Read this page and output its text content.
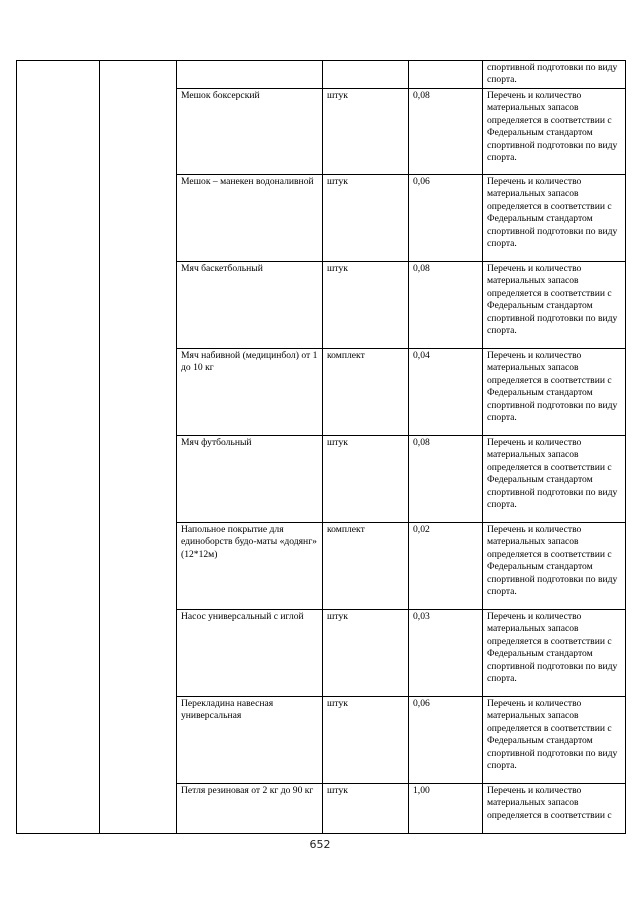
					спортивной подготовки по виду спорта.
		Мешок боксерский	штук	0,08	Перечень и количество материальных запасов определяется в соответствии с Федеральным стандартом спортивной подготовки по виду спорта.
		Мешок – манекен водоналивной	штук	0,06	Перечень и количество материальных запасов определяется в соответствии с Федеральным стандартом спортивной подготовки по виду спорта.
		Мяч баскетбольный	штук	0,08	Перечень и количество материальных запасов определяется в соответствии с Федеральным стандартом спортивной подготовки по виду спорта.
		Мяч набивной (медицинбол) от 1 до 10 кг	комплект	0,04	Перечень и количество материальных запасов определяется в соответствии с Федеральным стандартом спортивной подготовки по виду спорта.
		Мяч футбольный	штук	0,08	Перечень и количество материальных запасов определяется в соответствии с Федеральным стандартом спортивной подготовки по виду спорта.
		Напольное покрытие для единоборств будо-маты «додянг» (12*12м)	комплект	0,02	Перечень и количество материальных запасов определяется в соответствии с Федеральным стандартом спортивной подготовки по виду спорта.
		Насос универсальный с иглой	штук	0,03	Перечень и количество материальных запасов определяется в соответствии с Федеральным стандартом спортивной подготовки по виду спорта.
		Перекладина навесная универсальная	штук	0,06	Перечень и количество материальных запасов определяется в соответствии с Федеральным стандартом спортивной подготовки по виду спорта.
		Петля резиновая от 2 кг до 90 кг	штук	1,00	Перечень и количество материальных запасов определяется в соответствии с
652
